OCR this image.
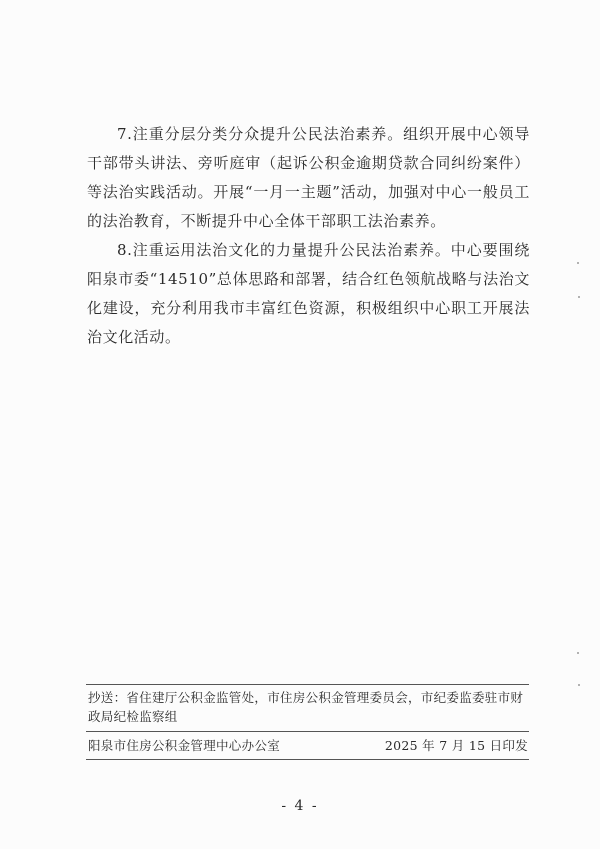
7.注重分层分类分众提升公民法治素养。组织开展中心领导干部带头讲法、旁听庭审（起诉公积金逾期贷款合同纠纷案件）等法治实践活动。开展“一月一主题”活动，加强对中心一般员工的法治教育，不断提升中心全体干部职工法治素养。

8.注重运用法治文化的力量提升公民法治素养。中心要围绕阳泉市委“14510”总体思路和部署，结合红色领航战略与法治文化建设，充分利用我市丰富红色资源，积极组织中心职工开展法治文化活动。

抄送：省住建厅公积金监管处，市住房公积金管理委员会，市纪委监委驻市财政局纪检监察组

阳泉市住房公积金管理中心办公室	2025 年 7 月 15 日印发
- 4 -
